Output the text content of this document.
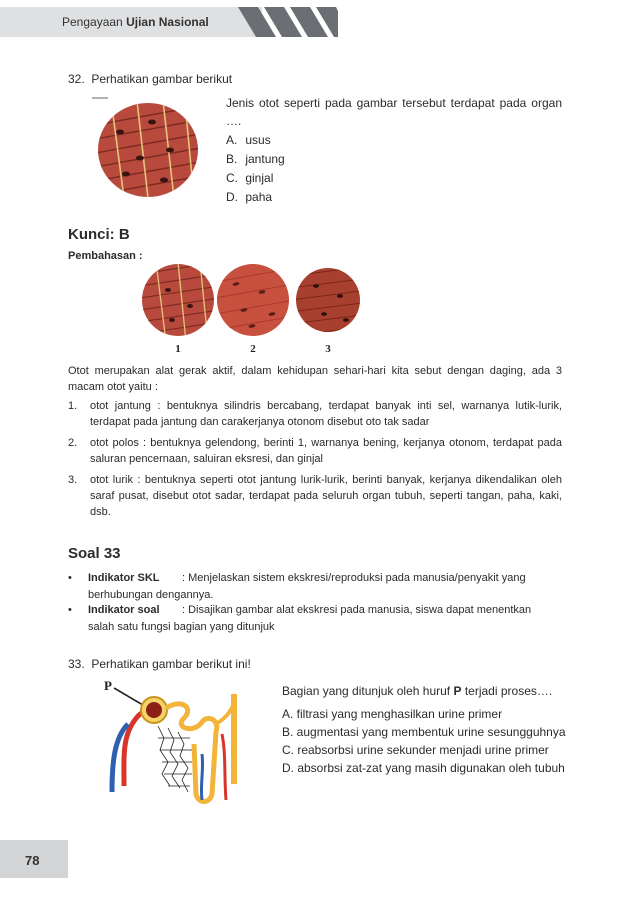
Pengayaan Ujian Nasional
32. Perhatikan gambar berikut
Jenis otot seperti pada gambar tersebut terdapat pada organ ….
A. usus
B. jantung
C. ginjal
D. paha
Kunci: B
Pembahasan :
1	2	3
Otot merupakan alat gerak aktif, dalam kehidupan sehari-hari kita sebut dengan daging, ada 3 macam otot yaitu :
1. otot jantung : bentuknya silindris bercabang, terdapat banyak inti sel, warnanya lutik-lurik, terdapat pada jantung dan carakerjanya otonom disebut oto tak sadar
2. otot polos : bentuknya gelendong, berinti 1, warnanya bening, kerjanya otonom, terdapat pada saluran pencernaan, saluiran eksresi, dan ginjal
3. otot lurik : bentuknya seperti otot jantung lurik-lurik, berinti banyak, kerjanya dikendalikan oleh saraf pusat, disebut otot sadar, terdapat pada seluruh organ tubuh, seperti tangan, paha, kaki, dsb.
Soal 33
• Indikator SKL : Menjelaskan sistem ekskresi/reproduksi pada manusia/penyakit yang
berhubungan dengannya.
• Indikator soal : Disajikan gambar alat ekskresi pada manusia, siswa dapat menentkan
salah satu fungsi bagian yang ditunjuk
33. Perhatikan gambar berikut ini!
P	Bagian yang ditunjuk oleh huruf P terjadi proses….
A. filtrasi yang menghasilkan urine primer
B. augmentasi yang membentuk urine sesungguhnya
C. reabsorbsi urine sekunder menjadi urine primer
D. absorbsi zat-zat yang masih digunakan oleh tubuh
78
